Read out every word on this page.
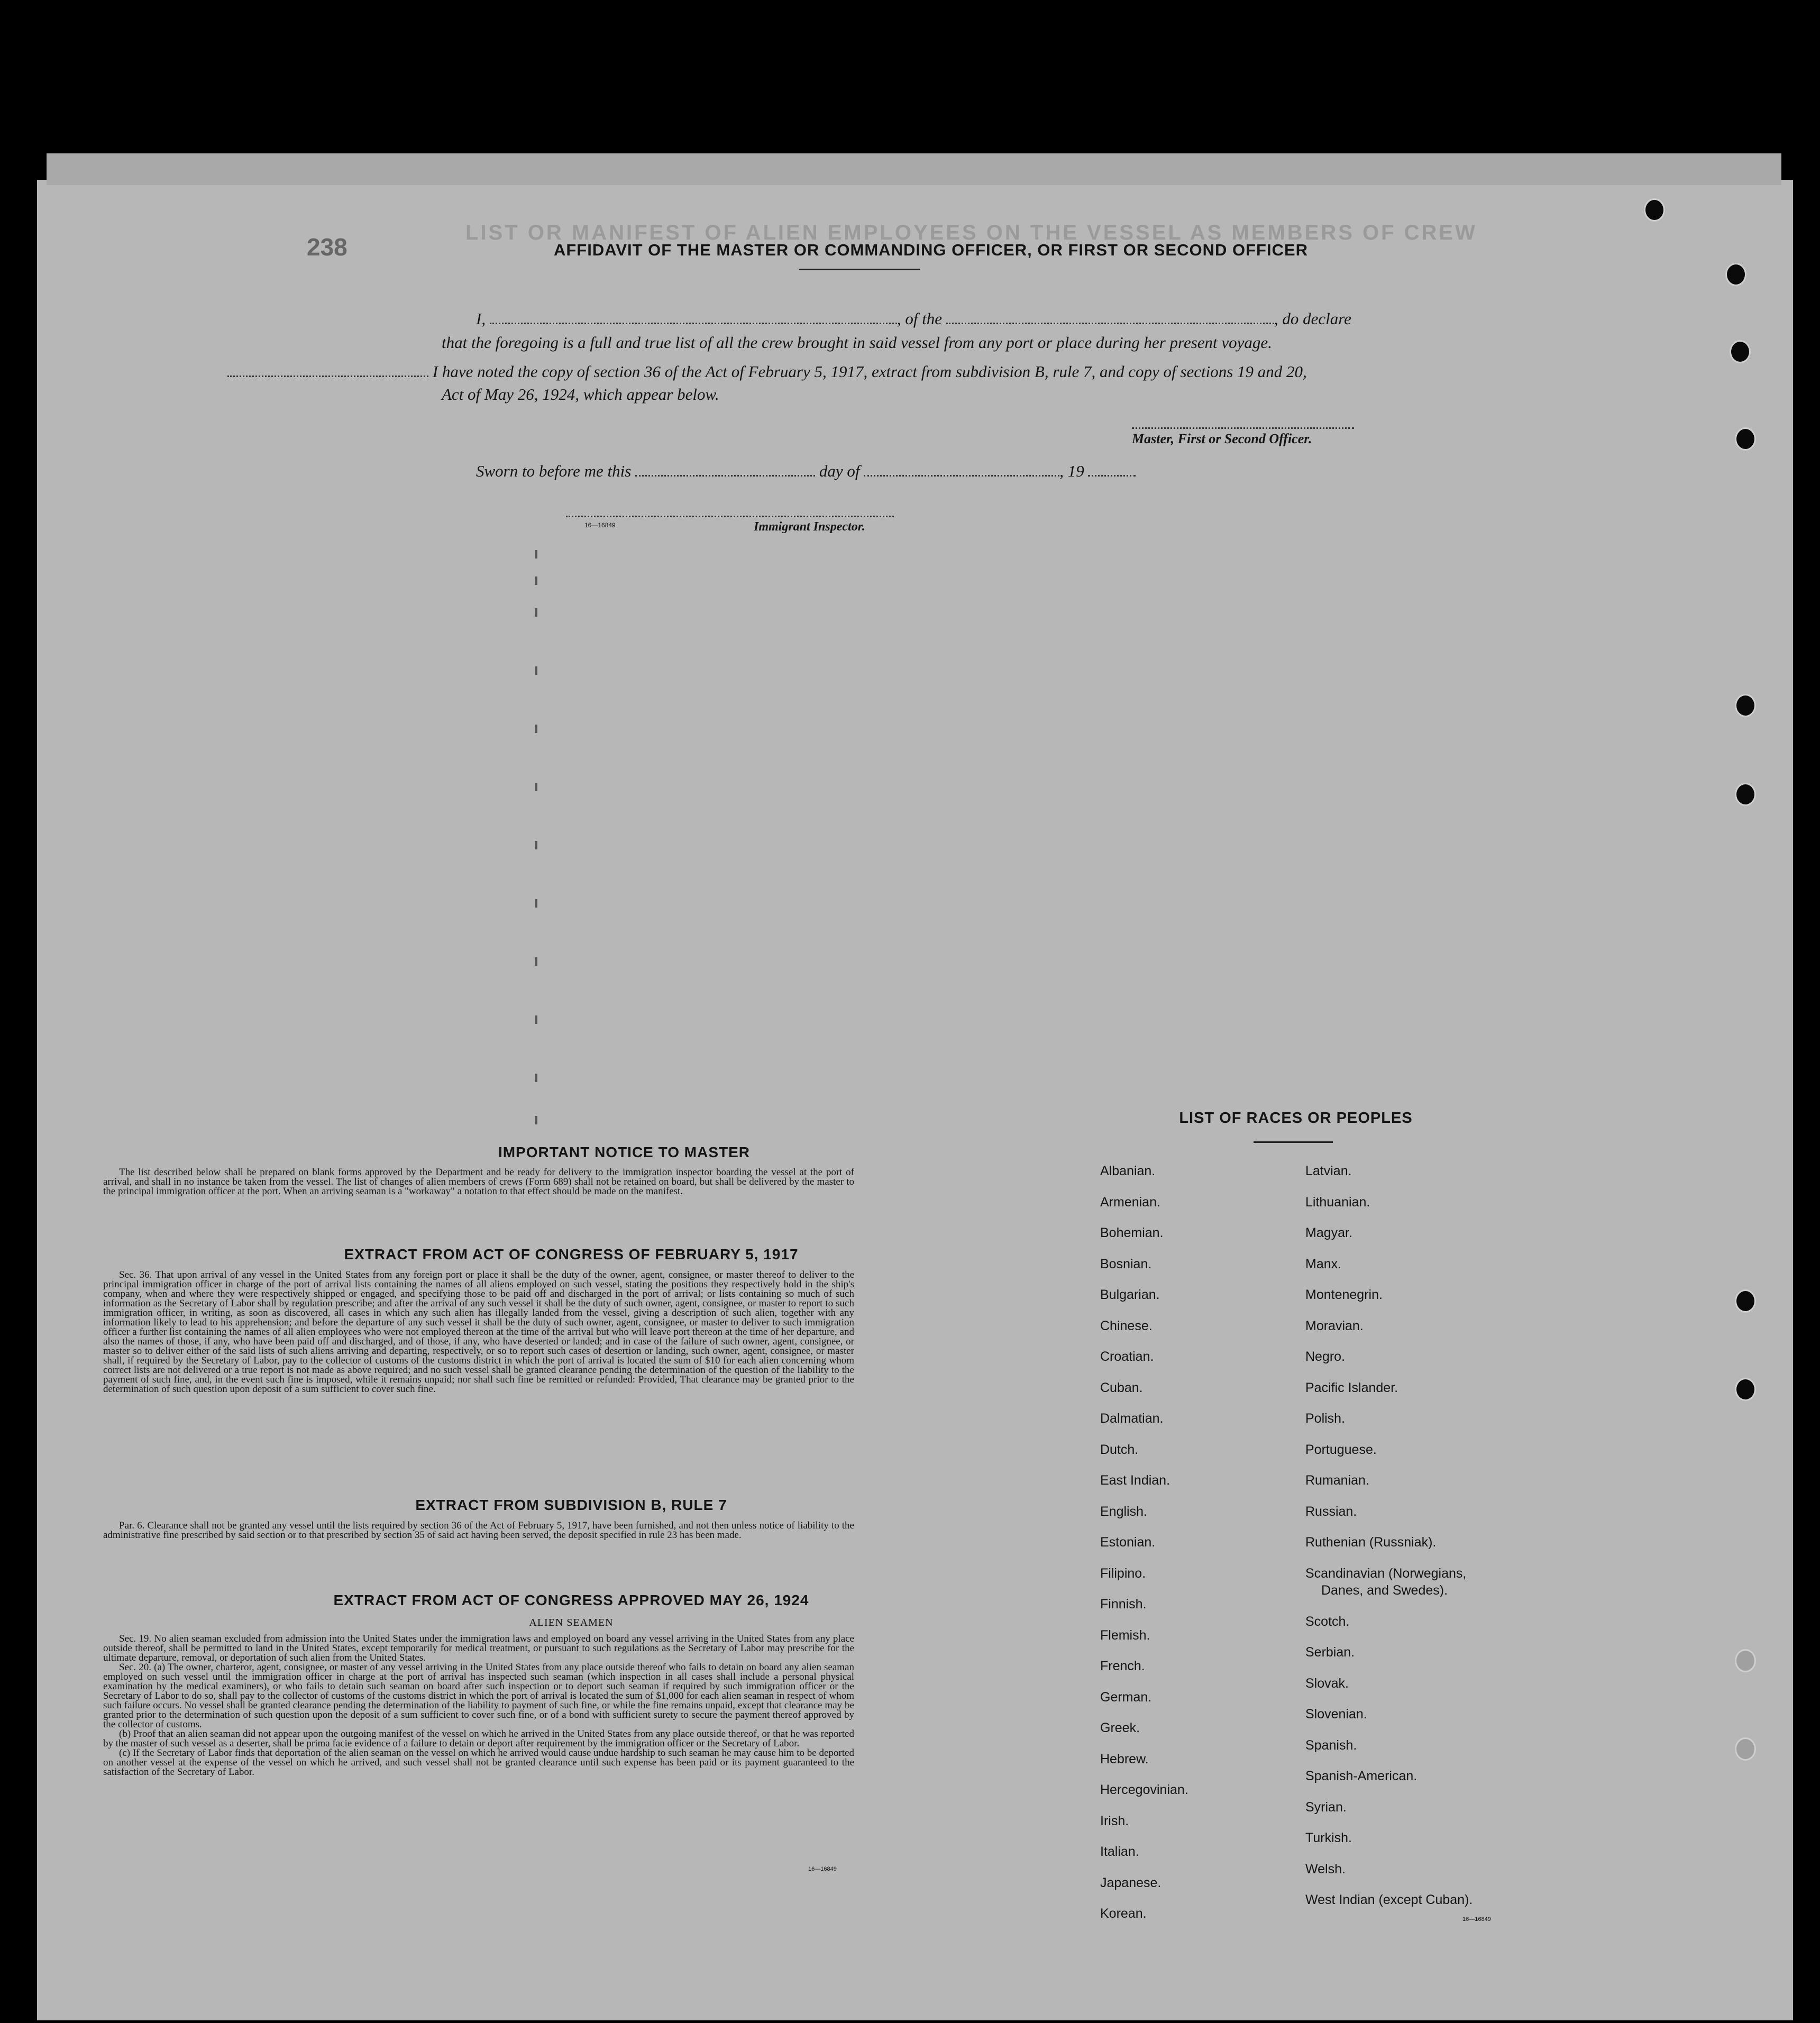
LIST OR MANIFEST OF ALIEN EMPLOYEES ON THE VESSEL AS MEMBERS OF CREW
238	AFFIDAVIT OF THE MASTER OR COMMANDING OFFICER, OR FIRST OR SECOND OFFICER
I,	, of the	, do declare
that the foregoing is a full and true list of all the crew brought in said vessel from any port or place during her present voyage.
I have noted the copy of section 36 of the Act of February 5, 1917, extract from subdivision B, rule 7, and copy of sections 19 and 20,
Act of May 26, 1924, which appear below.
Master, First or Second Officer.
Sworn to before me this	day of	, 19
16—16849	Immigrant Inspector.
IMPORTANT NOTICE TO MASTER

The list described below shall be prepared on blank forms approved by the Department and be ready for delivery to the immigration inspector boarding the vessel at the port of arrival, and shall in no instance be taken from the vessel. The list of changes of alien members of crews (Form 689) shall not be retained on board, but shall be delivered by the master to the principal immigration officer at the port. When an arriving seaman is a "workaway" a notation to that effect should be made on the manifest.

EXTRACT FROM ACT OF CONGRESS OF FEBRUARY 5, 1917

Sec. 36. That upon arrival of any vessel in the United States from any foreign port or place it shall be the duty of the owner, agent, consignee, or master thereof to deliver to the principal immigration officer in charge of the port of arrival lists containing the names of all aliens employed on such vessel, stating the positions they respectively hold in the ship's company, when and where they were respectively shipped or engaged, and specifying those to be paid off and discharged in the port of arrival; or lists containing so much of such information as the Secretary of Labor shall by regulation prescribe; and after the arrival of any such vessel it shall be the duty of such owner, agent, consignee, or master to report to such immigration officer, in writing, as soon as discovered, all cases in which any such alien has illegally landed from the vessel, giving a description of such alien, together with any information likely to lead to his apprehension; and before the departure of any such vessel it shall be the duty of such owner, agent, consignee, or master to deliver to such immigration officer a further list containing the names of all alien employees who were not employed thereon at the time of the arrival but who will leave port thereon at the time of her departure, and also the names of those, if any, who have been paid off and discharged, and of those, if any, who have deserted or landed; and in case of the failure of such owner, agent, consignee, or master so to deliver either of the said lists of such aliens arriving and departing, respectively, or so to report such cases of desertion or landing, such owner, agent, consignee, or master shall, if required by the Secretary of Labor, pay to the collector of customs of the customs district in which the port of arrival is located the sum of $10 for each alien concerning whom correct lists are not delivered or a true report is not made as above required; and no such vessel shall be granted clearance pending the determination of the question of the liability to the payment of such fine, and, in the event such fine is imposed, while it remains unpaid; nor shall such fine be remitted or refunded: Provided, That clearance may be granted prior to the determination of such question upon deposit of a sum sufficient to cover such fine.

EXTRACT FROM SUBDIVISION B, RULE 7

Par. 6. Clearance shall not be granted any vessel until the lists required by section 36 of the Act of February 5, 1917, have been furnished, and not then unless notice of liability to the administrative fine prescribed by said section or to that prescribed by section 35 of said act having been served, the deposit specified in rule 23 has been made.

EXTRACT FROM ACT OF CONGRESS APPROVED MAY 26, 1924
ALIEN SEAMEN

Sec. 19. No alien seaman excluded from admission into the United States under the immigration laws and employed on board any vessel arriving in the United States from any place outside thereof, shall be permitted to land in the United States, except temporarily for medical treatment, or pursuant to such regulations as the Secretary of Labor may prescribe for the ultimate departure, removal, or deportation of such alien from the United States.

Sec. 20. (a) The owner, charteror, agent, consignee, or master of any vessel arriving in the United States from any place outside thereof who fails to detain on board any alien seaman employed on such vessel until the immigration officer in charge at the port of arrival has inspected such seaman (which inspection in all cases shall include a personal physical examination by the medical examiners), or who fails to detain such seaman on board after such inspection or to deport such seaman if required by such immigration officer or the Secretary of Labor to do so, shall pay to the collector of customs of the customs district in which the port of arrival is located the sum of $1,000 for each alien seaman in respect of whom such failure occurs. No vessel shall be granted clearance pending the determination of the liability to payment of such fine, or while the fine remains unpaid, except that clearance may be granted prior to the determination of such question upon the deposit of a sum sufficient to cover such fine, or of a bond with sufficient surety to secure the payment thereof approved by the collector of customs.

(b) Proof that an alien seaman did not appear upon the outgoing manifest of the vessel on which he arrived in the United States from any place outside thereof, or that he was reported by the master of such vessel as a deserter, shall be prima facie evidence of a failure to detain or deport after requirement by the immigration officer or the Secretary of Labor.

(c) If the Secretary of Labor finds that deportation of the alien seaman on the vessel on which he arrived would cause undue hardship to such seaman he may cause him to be deported on another vessel at the expense of the vessel on which he arrived, and such vessel shall not be granted clearance until such expense has been paid or its payment guaranteed to the satisfaction of the Secretary of Labor.

16—16849
LIST OF RACES OR PEOPLES
Albanian.
Armenian.
Bohemian.
Bosnian.
Bulgarian.
Chinese.
Croatian.
Cuban.
Dalmatian.
Dutch.
East Indian.
English.
Estonian.
Filipino.
Finnish.
Flemish.
French.
German.
Greek.
Hebrew.
Hercegovinian.
Irish.
Italian.
Japanese.
Korean.
Latvian.
Lithuanian.
Magyar.
Manx.
Montenegrin.
Moravian.
Negro.
Pacific Islander.
Polish.
Portuguese.
Rumanian.
Russian.
Ruthenian (Russniak).
Scandinavian (Norwegians,
Danes, and Swedes).
Scotch.
Serbian.
Slovak.
Slovenian.
Spanish.
Spanish-American.
Syrian.
Turkish.
Welsh.
West Indian (except Cuban).
16—16849
